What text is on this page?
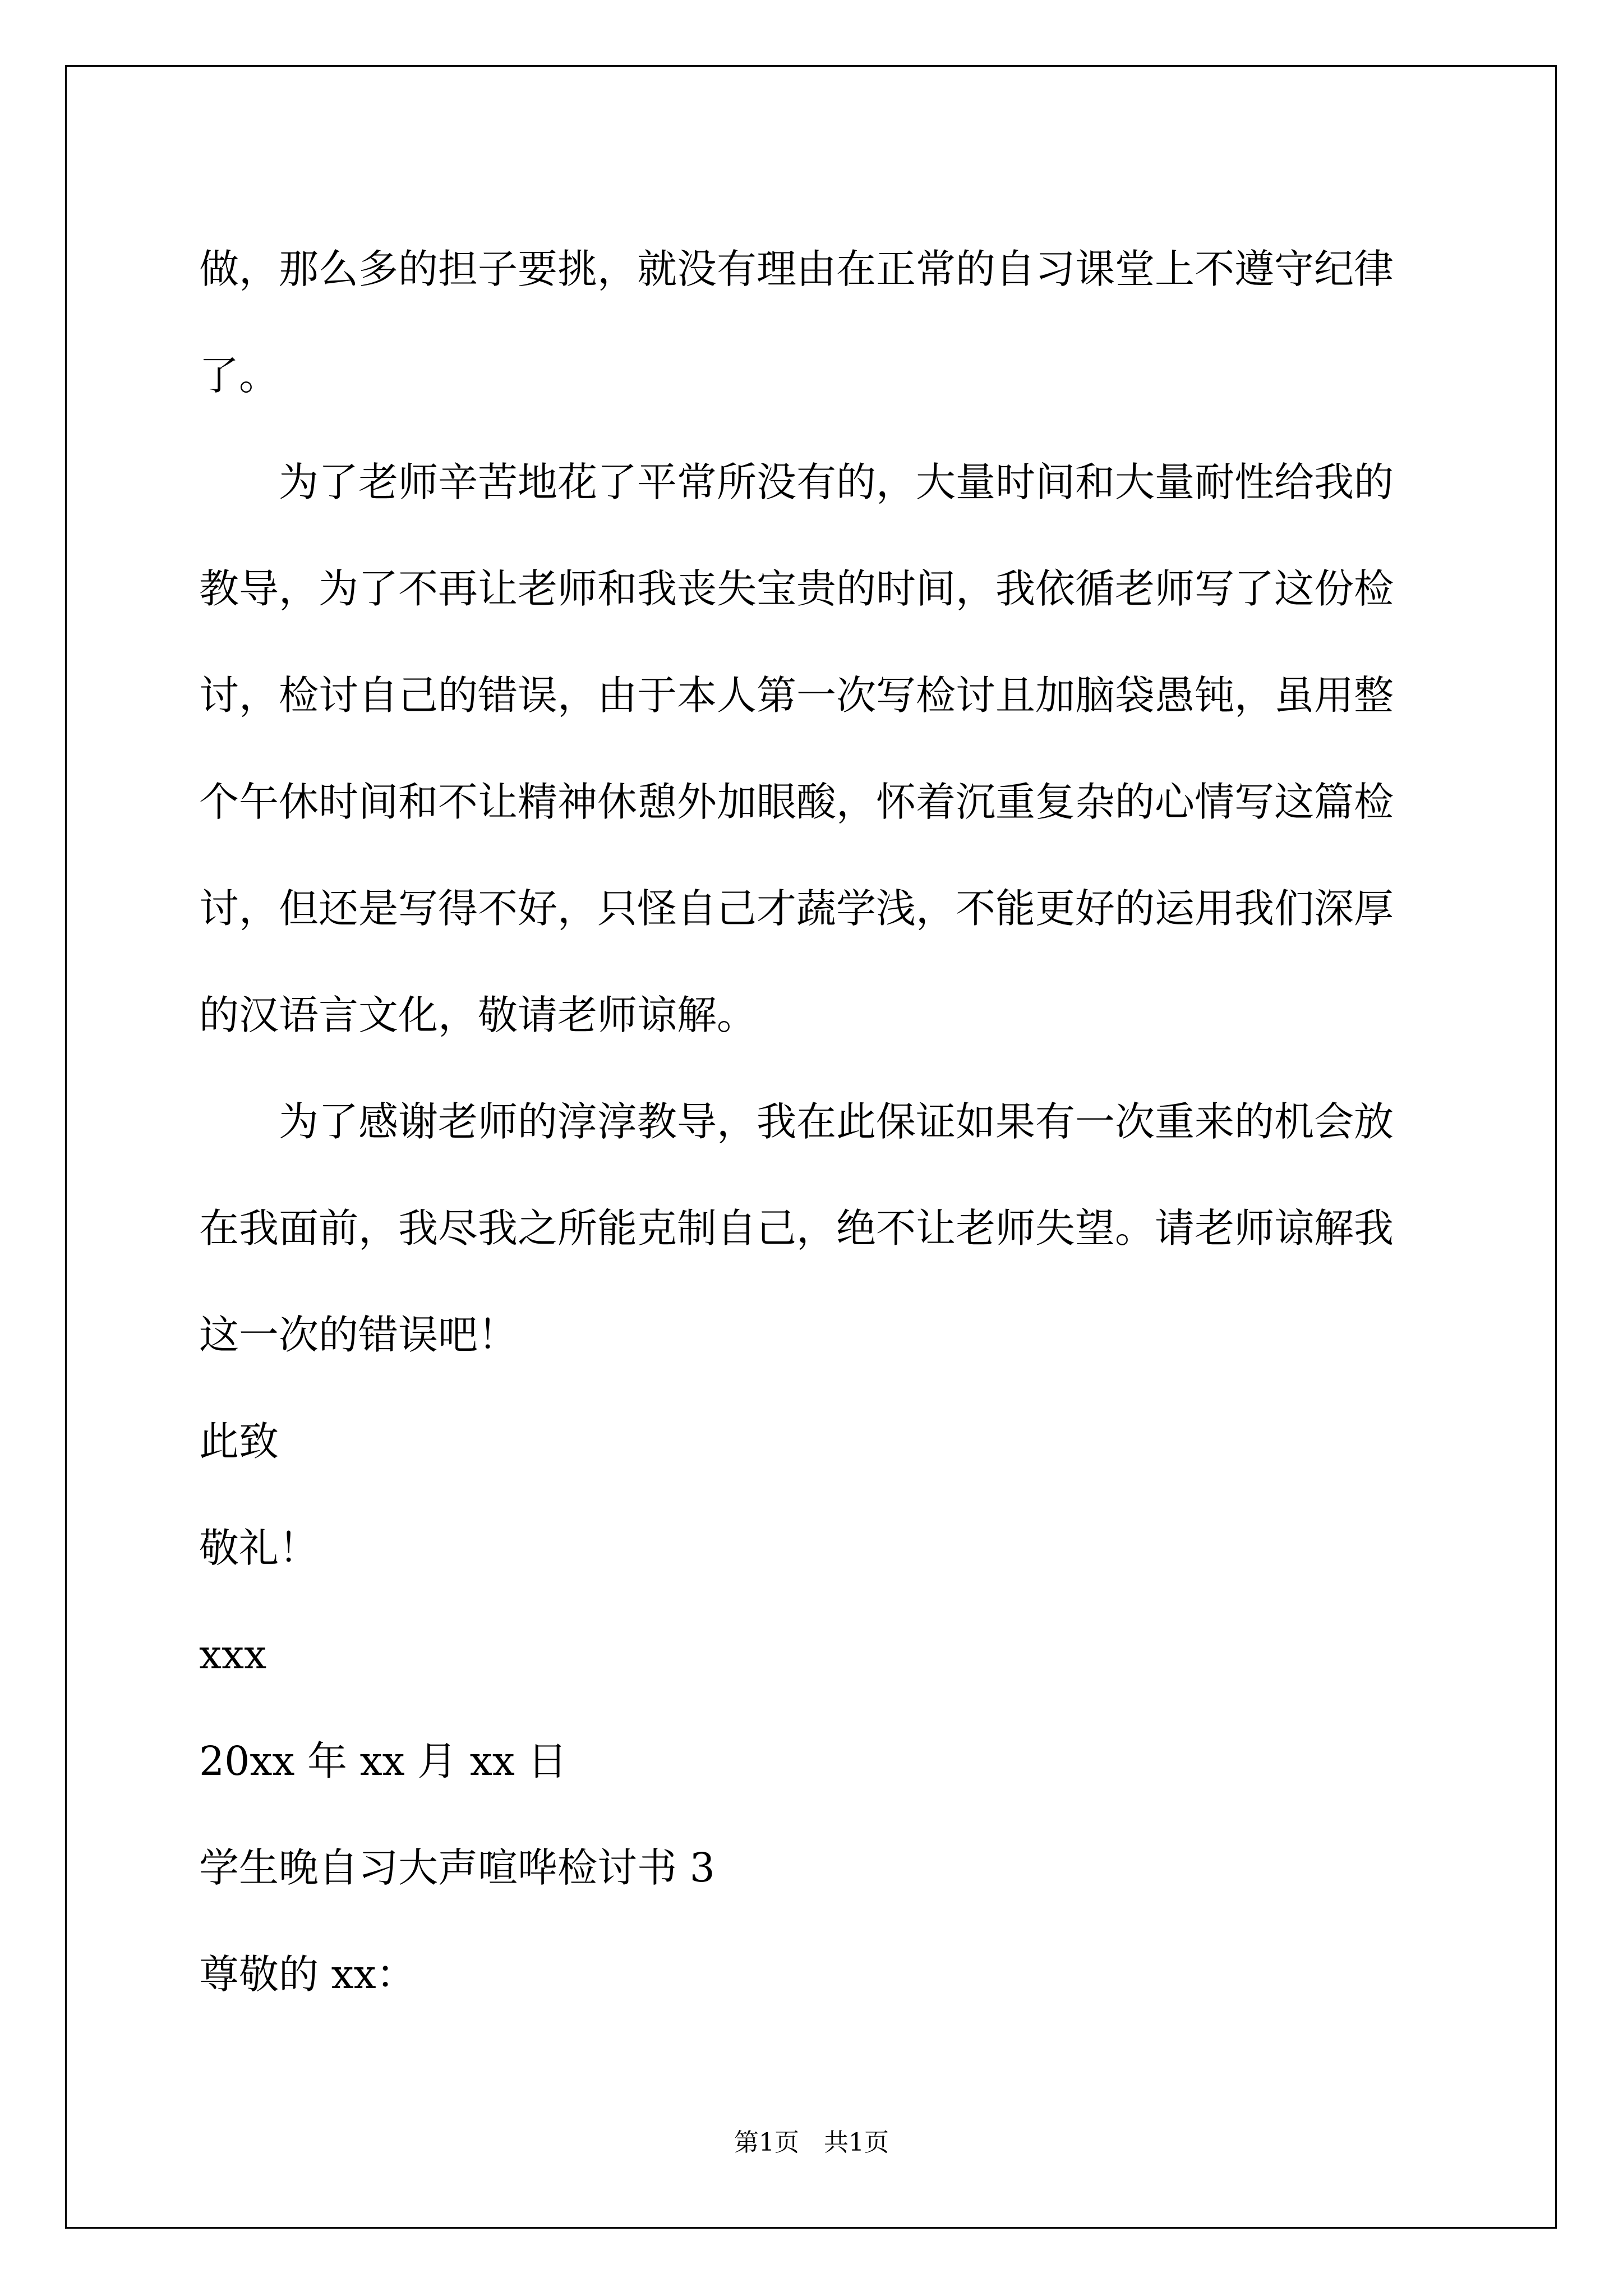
做，那么多的担子要挑，就没有理由在正常的自习课堂上不遵守纪律

了。

为了老师辛苦地花了平常所没有的，大量时间和大量耐性给我的

教导，为了不再让老师和我丧失宝贵的时间，我依循老师写了这份检

讨，检讨自己的错误，由于本人第一次写检讨且加脑袋愚钝，虽用整

个午休时间和不让精神休憩外加眼酸，怀着沉重复杂的心情写这篇检

讨，但还是写得不好，只怪自己才蔬学浅，不能更好的运用我们深厚

的汉语言文化，敬请老师谅解。

为了感谢老师的淳淳教导，我在此保证如果有一次重来的机会放

在我面前，我尽我之所能克制自己，绝不让老师失望。请老师谅解我

这一次的错误吧！

此致

敬礼！

xxx

20xx 年 xx 月 xx 日

学生晚自习大声喧哗检讨书 3

尊敬的 xx：

第1页 共1页
